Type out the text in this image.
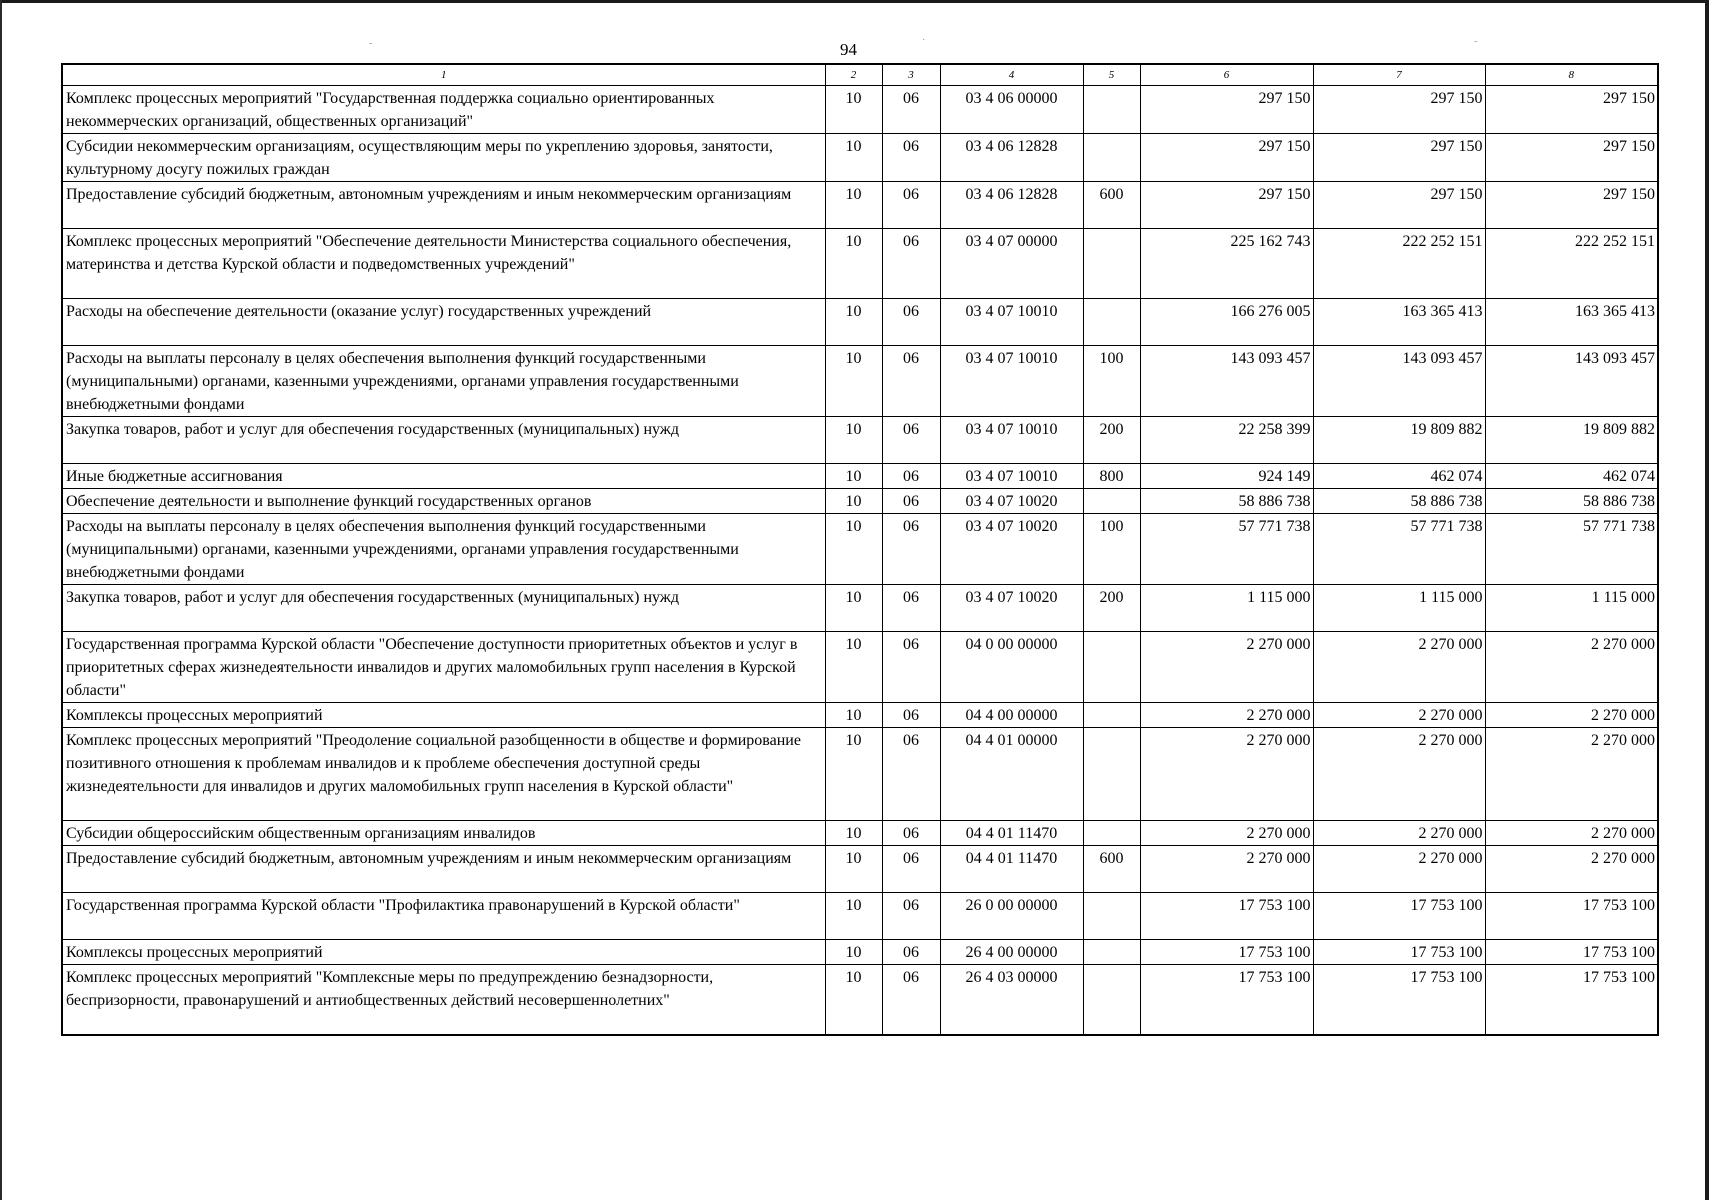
-	·	-
94
1	2	3	4	5	6	7	8
Комплекс процессных мероприятий "Государственная поддержка социально ориентированных некоммерческих организаций, общественных организаций"	10	06	03 4 06 00000		297 150	297 150	297 150
Субсидии некоммерческим организациям, осуществляющим меры по укреплению здоровья, занятости, культурному досугу пожилых граждан	10	06	03 4 06 12828		297 150	297 150	297 150
Предоставление субсидий бюджетным, автономным учреждениям и иным некоммерческим организациям	10	06	03 4 06 12828	600	297 150	297 150	297 150
Комплекс процессных мероприятий "Обеспечение деятельности Министерства социального обеспечения, материнства и детства Курской области и подведомственных учреждений"	10	06	03 4 07 00000		225 162 743	222 252 151	222 252 151
Расходы на обеспечение деятельности (оказание услуг) государственных учреждений	10	06	03 4 07 10010		166 276 005	163 365 413	163 365 413
Расходы на выплаты персоналу в целях обеспечения выполнения функций государственными (муниципальными) органами, казенными учреждениями, органами управления государственными внебюджетными фондами	10	06	03 4 07 10010	100	143 093 457	143 093 457	143 093 457
Закупка товаров, работ и услуг для обеспечения государственных (муниципальных) нужд	10	06	03 4 07 10010	200	22 258 399	19 809 882	19 809 882
Иные бюджетные ассигнования	10	06	03 4 07 10010	800	924 149	462 074	462 074
Обеспечение деятельности и выполнение функций государственных органов	10	06	03 4 07 10020		58 886 738	58 886 738	58 886 738
Расходы на выплаты персоналу в целях обеспечения выполнения функций государственными (муниципальными) органами, казенными учреждениями, органами управления государственными внебюджетными фондами	10	06	03 4 07 10020	100	57 771 738	57 771 738	57 771 738
Закупка товаров, работ и услуг для обеспечения государственных (муниципальных) нужд	10	06	03 4 07 10020	200	1 115 000	1 115 000	1 115 000
Государственная программа Курской области "Обеспечение доступности приоритетных объектов и услуг в приоритетных сферах жизнедеятельности инвалидов и других маломобильных групп населения в Курской области"	10	06	04 0 00 00000		2 270 000	2 270 000	2 270 000
Комплексы процессных мероприятий	10	06	04 4 00 00000		2 270 000	2 270 000	2 270 000
Комплекс процессных мероприятий "Преодоление социальной разобщенности в обществе и формирование позитивного отношения к проблемам инвалидов и к проблеме обеспечения доступной среды жизнедеятельности для инвалидов и других маломобильных групп населения в Курской области"	10	06	04 4 01 00000		2 270 000	2 270 000	2 270 000
Субсидии общероссийским общественным организациям инвалидов	10	06	04 4 01 11470		2 270 000	2 270 000	2 270 000
Предоставление субсидий бюджетным, автономным учреждениям и иным некоммерческим организациям	10	06	04 4 01 11470	600	2 270 000	2 270 000	2 270 000
Государственная программа Курской области "Профилактика правонарушений в Курской области"	10	06	26 0 00 00000		17 753 100	17 753 100	17 753 100
Комплексы процессных мероприятий	10	06	26 4 00 00000		17 753 100	17 753 100	17 753 100
Комплекс процессных мероприятий "Комплексные меры по предупреждению безнадзорности, беспризорности, правонарушений и антиобщественных действий несовершеннолетних"	10	06	26 4 03 00000		17 753 100	17 753 100	17 753 100
